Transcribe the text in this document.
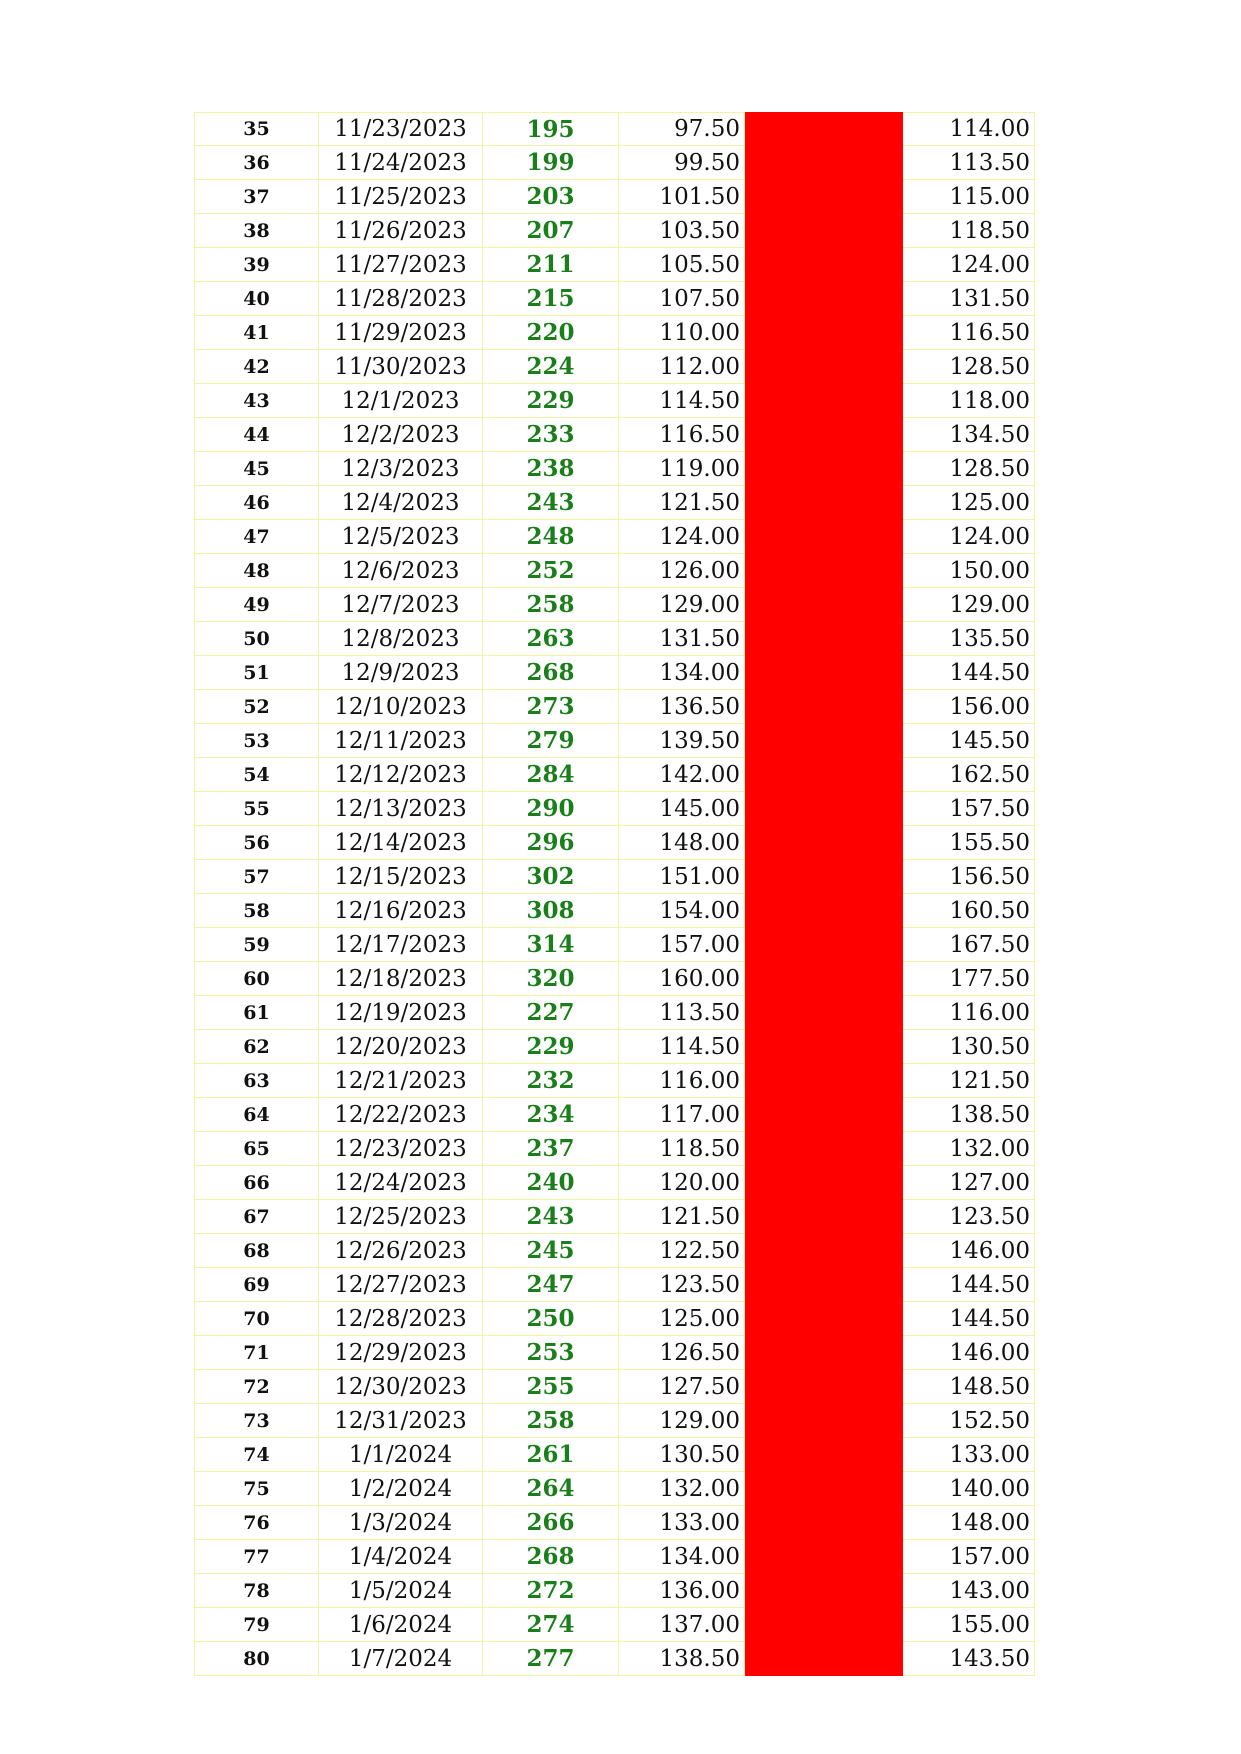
35	11/23/2023	195	97.50		114.00
36	11/24/2023	199	99.50		113.50
37	11/25/2023	203	101.50		115.00
38	11/26/2023	207	103.50		118.50
39	11/27/2023	211	105.50		124.00
40	11/28/2023	215	107.50		131.50
41	11/29/2023	220	110.00		116.50
42	11/30/2023	224	112.00		128.50
43	12/1/2023	229	114.50		118.00
44	12/2/2023	233	116.50		134.50
45	12/3/2023	238	119.00		128.50
46	12/4/2023	243	121.50		125.00
47	12/5/2023	248	124.00		124.00
48	12/6/2023	252	126.00		150.00
49	12/7/2023	258	129.00		129.00
50	12/8/2023	263	131.50		135.50
51	12/9/2023	268	134.00		144.50
52	12/10/2023	273	136.50		156.00
53	12/11/2023	279	139.50		145.50
54	12/12/2023	284	142.00		162.50
55	12/13/2023	290	145.00		157.50
56	12/14/2023	296	148.00		155.50
57	12/15/2023	302	151.00		156.50
58	12/16/2023	308	154.00		160.50
59	12/17/2023	314	157.00		167.50
60	12/18/2023	320	160.00		177.50
61	12/19/2023	227	113.50		116.00
62	12/20/2023	229	114.50		130.50
63	12/21/2023	232	116.00		121.50
64	12/22/2023	234	117.00		138.50
65	12/23/2023	237	118.50		132.00
66	12/24/2023	240	120.00		127.00
67	12/25/2023	243	121.50		123.50
68	12/26/2023	245	122.50		146.00
69	12/27/2023	247	123.50		144.50
70	12/28/2023	250	125.00		144.50
71	12/29/2023	253	126.50		146.00
72	12/30/2023	255	127.50		148.50
73	12/31/2023	258	129.00		152.50
74	1/1/2024	261	130.50		133.00
75	1/2/2024	264	132.00		140.00
76	1/3/2024	266	133.00		148.00
77	1/4/2024	268	134.00		157.00
78	1/5/2024	272	136.00		143.00
79	1/6/2024	274	137.00		155.00
80	1/7/2024	277	138.50		143.50
